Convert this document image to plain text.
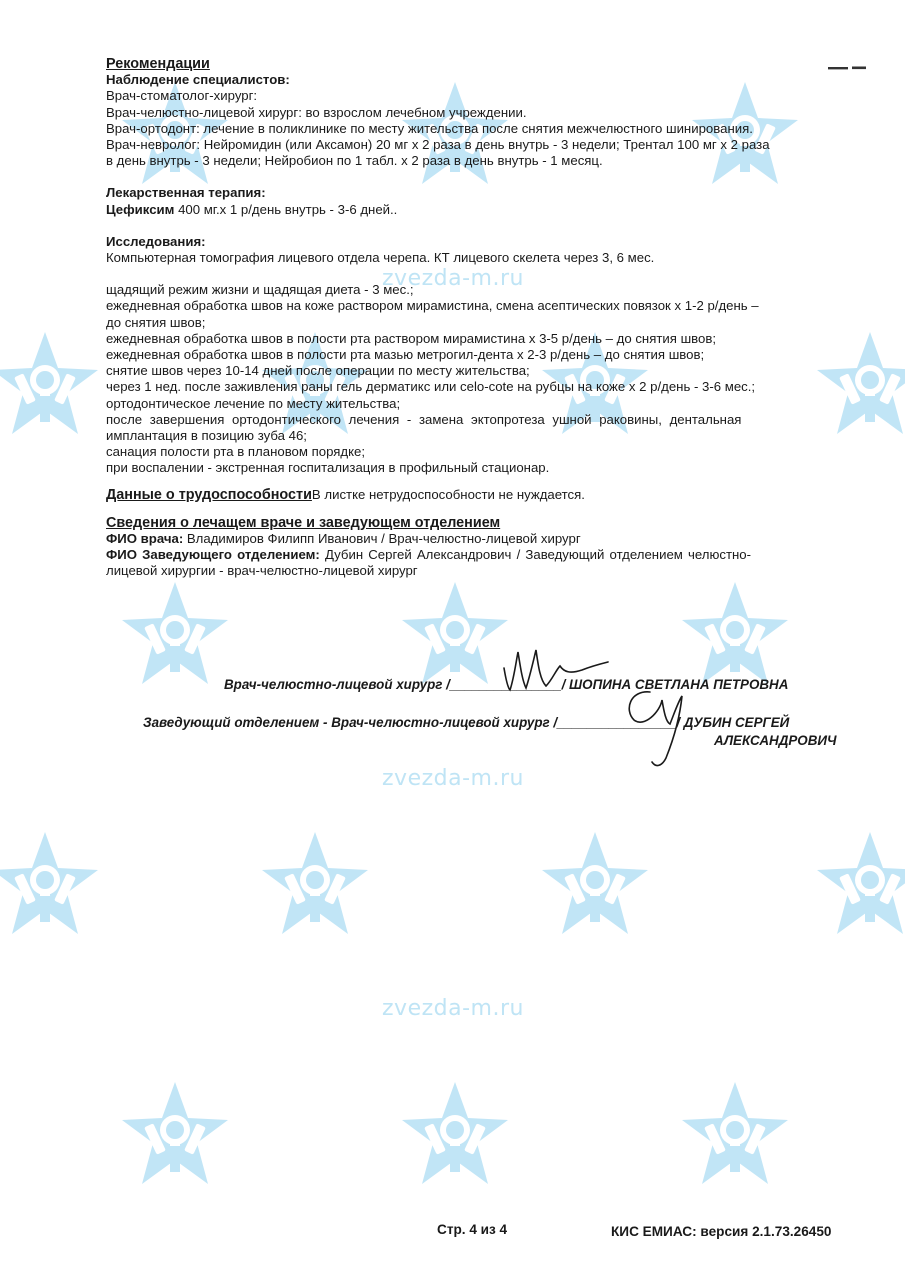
zvezda-m.ru
zvezda-m.ru
zvezda-m.ru

Рекомендации

Наблюдение специалистов:

Врач-стоматолог-хирург:

Врач-челюстно-лицевой хирург: во взрослом лечебном учреждении.

Врач-ортодонт: лечение в поликлинике по месту жительства после снятия межчелюстного шинирования.

Врач-невролог: Нейромидин (или Аксамон) 20 мг х 2 раза в день внутрь - 3 недели; Трентал 100 мг х 2 раза

в день внутрь - 3 недели; Нейробион по 1 табл. х 2 раза в день внутрь - 1 месяц.

Лекарственная терапия:

Цефиксим 400 мг.х 1 р/день внутрь - 3-6 дней..

Исследования:

Компьютерная томография лицевого отдела черепа. КТ лицевого скелета через 3, 6 мес.

щадящий режим жизни и щадящая диета - 3 мес.;

ежедневная обработка швов на коже раствором мирамистина, смена асептических повязок х 1-2 р/день –

до снятия швов;

ежедневная обработка швов в полости рта раствором мирамистина х 3-5 р/день – до снятия швов;

ежедневная обработка швов в полости рта мазью метрогил-дента х 2-3 р/день – до снятия швов;

снятие швов через 10-14 дней после операции по месту жительства;

через 1 нед. после заживления раны гель дерматикс или celo-cote на рубцы на коже х 2 р/день - 3-6 мес.;

ортодонтическое лечение по месту жительства;

после завершения ортодонтического лечения - замена эктопротеза ушной раковины, дентальная

имплантация в позицию зуба 46;

санация полости рта в плановом порядке;

при воспалении - экстренная госпитализация в профильный стационар.

Данные о трудоспособностиВ листке нетрудоспособности не нуждается.

Сведения о лечащем враче и заведующем отделением

ФИО врача: Владимиров Филипп Иванович / Врач-челюстно-лицевой хирург

ФИО Заведующего отделением: Дубин Сергей Александрович / Заведующий отделением челюстно-

лицевой хирургии - врач-челюстно-лицевой хирург

Врач-челюстно-лицевой хирург /_______________/ ШОПИНА СВЕТЛАНА ПЕТРОВНА
Заведующий отделением - Врач-челюстно-лицевой хирург /________________/ ДУБИН СЕРГЕЙ
АЛЕКСАНДРОВИЧ
Стр. 4 из 4	КИС ЕМИАС: версия 2.1.73.26450
